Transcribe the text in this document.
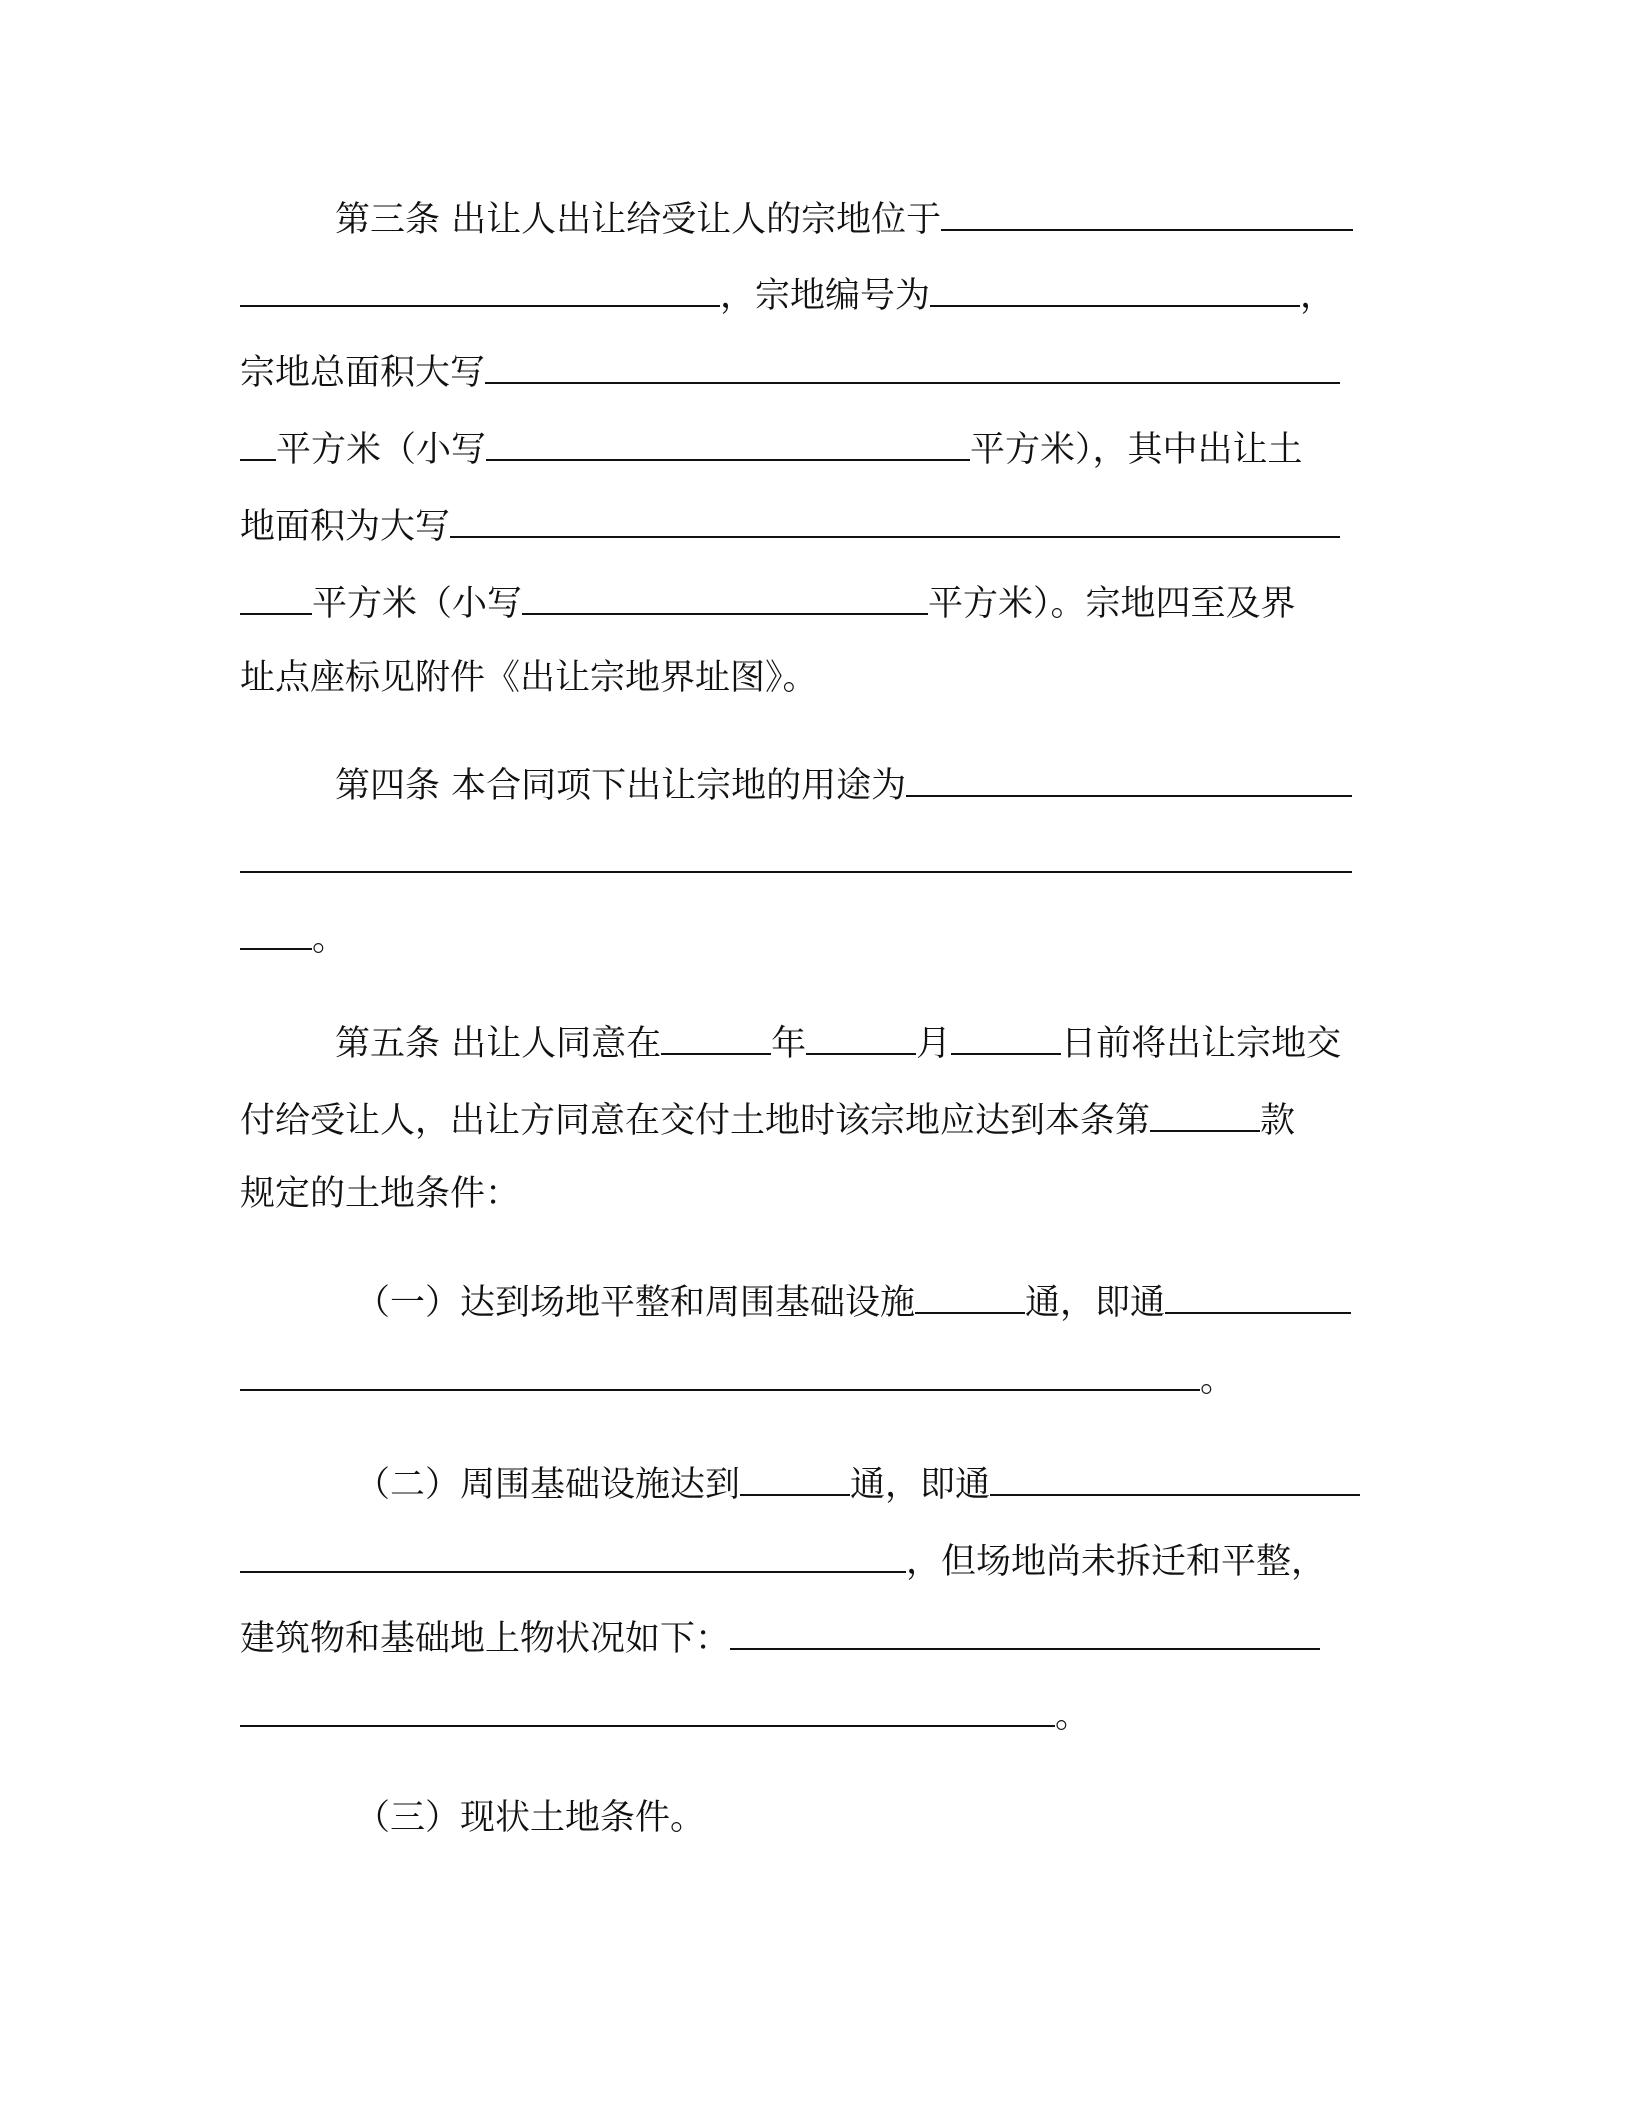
第三条 出让人出让给受让人的宗地位于
，宗地编号为	，
宗地总面积大写
平方米（小写	平方米），其中出让土
地面积为大写
平方米（小写	平方米）。宗地四至及界
址点座标见附件《出让宗地界址图》。
第四条 本合同项下出让宗地的用途为
。
第五条 出让人同意在	年	月	日前将出让宗地交
付给受让人，出让方同意在交付土地时该宗地应达到本条第	款
规定的土地条件：
（一）达到场地平整和周围基础设施	通，即通
。
（二）周围基础设施达到	通，即通
，但场地尚未拆迁和平整，
建筑物和基础地上物状况如下：
。
（三）现状土地条件。
